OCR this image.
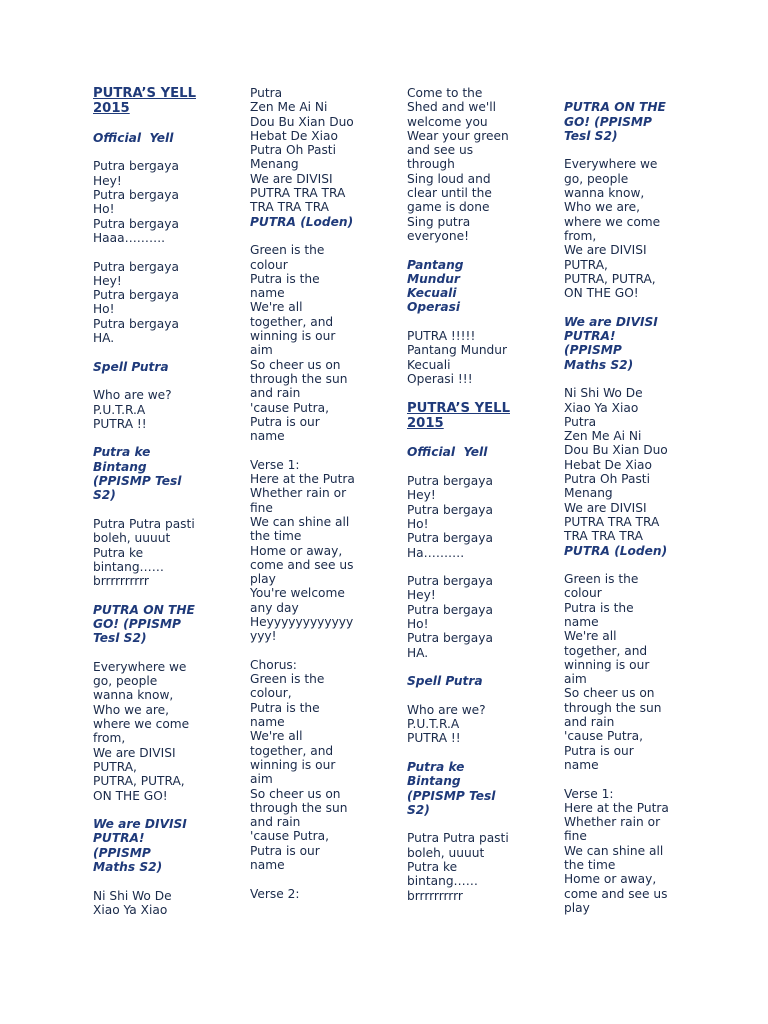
PUTRA’S YELL
2015
Official  Yell
Putra bergaya
Hey!
Putra bergaya
Ho!
Putra bergaya
Haaa……….
Putra bergaya
Hey!
Putra bergaya
Ho!
Putra bergaya
HA.
Spell Putra
Who are we?
P.U.T.R.A
PUTRA !!
Putra ke
Bintang
(PPISMP Tesl
S2)
Putra Putra pasti
boleh, uuuut
Putra ke
bintang……
brrrrrrrrrr
PUTRA ON THE
GO! (PPISMP
Tesl S2)
Everywhere we
go, people
wanna know,
Who we are,
where we come
from,
We are DIVISI
PUTRA,
PUTRA, PUTRA,
ON THE GO!
We are DIVISI
PUTRA!
(PPISMP
Maths S2)
Ni Shi Wo De
Xiao Ya Xiao
Putra
Zen Me Ai Ni
Dou Bu Xian Duo
Hebat De Xiao
Putra Oh Pasti
Menang
We are DIVISI
PUTRA TRA TRA
TRA TRA TRA
PUTRA (Loden)
Green is the
colour
Putra is the
name
We're all
together, and
winning is our
aim
So cheer us on
through the sun
and rain
'cause Putra,
Putra is our
name
Verse 1:
Here at the Putra
Whether rain or
fine
We can shine all
the time
Home or away,
come and see us
play
You're welcome
any day
Heyyyyyyyyyyyy
yyy!
Chorus:
Green is the
colour,
Putra is the
name
We're all
together, and
winning is our
aim
So cheer us on
through the sun
and rain
'cause Putra,
Putra is our
name
Verse 2:
Come to the
Shed and we'll
welcome you
Wear your green
and see us
through
Sing loud and
clear until the
game is done
Sing putra
everyone!
Pantang
Mundur
Kecuali
Operasi
PUTRA !!!!!
Pantang Mundur
Kecuali
Operasi !!!
PUTRA’S YELL
2015
Official  Yell
Putra bergaya
Hey!
Putra bergaya
Ho!
Putra bergaya
Ha……….
Putra bergaya
Hey!
Putra bergaya
Ho!
Putra bergaya
HA.
Spell Putra
Who are we?
P.U.T.R.A
PUTRA !!
Putra ke
Bintang
(PPISMP Tesl
S2)
Putra Putra pasti
boleh, uuuut
Putra ke
bintang……
brrrrrrrrrr
PUTRA ON THE
GO! (PPISMP
Tesl S2)
Everywhere we
go, people
wanna know,
Who we are,
where we come
from,
We are DIVISI
PUTRA,
PUTRA, PUTRA,
ON THE GO!
We are DIVISI
PUTRA!
(PPISMP
Maths S2)
Ni Shi Wo De
Xiao Ya Xiao
Putra
Zen Me Ai Ni
Dou Bu Xian Duo
Hebat De Xiao
Putra Oh Pasti
Menang
We are DIVISI
PUTRA TRA TRA
TRA TRA TRA
PUTRA (Loden)
Green is the
colour
Putra is the
name
We're all
together, and
winning is our
aim
So cheer us on
through the sun
and rain
'cause Putra,
Putra is our
name
Verse 1:
Here at the Putra
Whether rain or
fine
We can shine all
the time
Home or away,
come and see us
play
